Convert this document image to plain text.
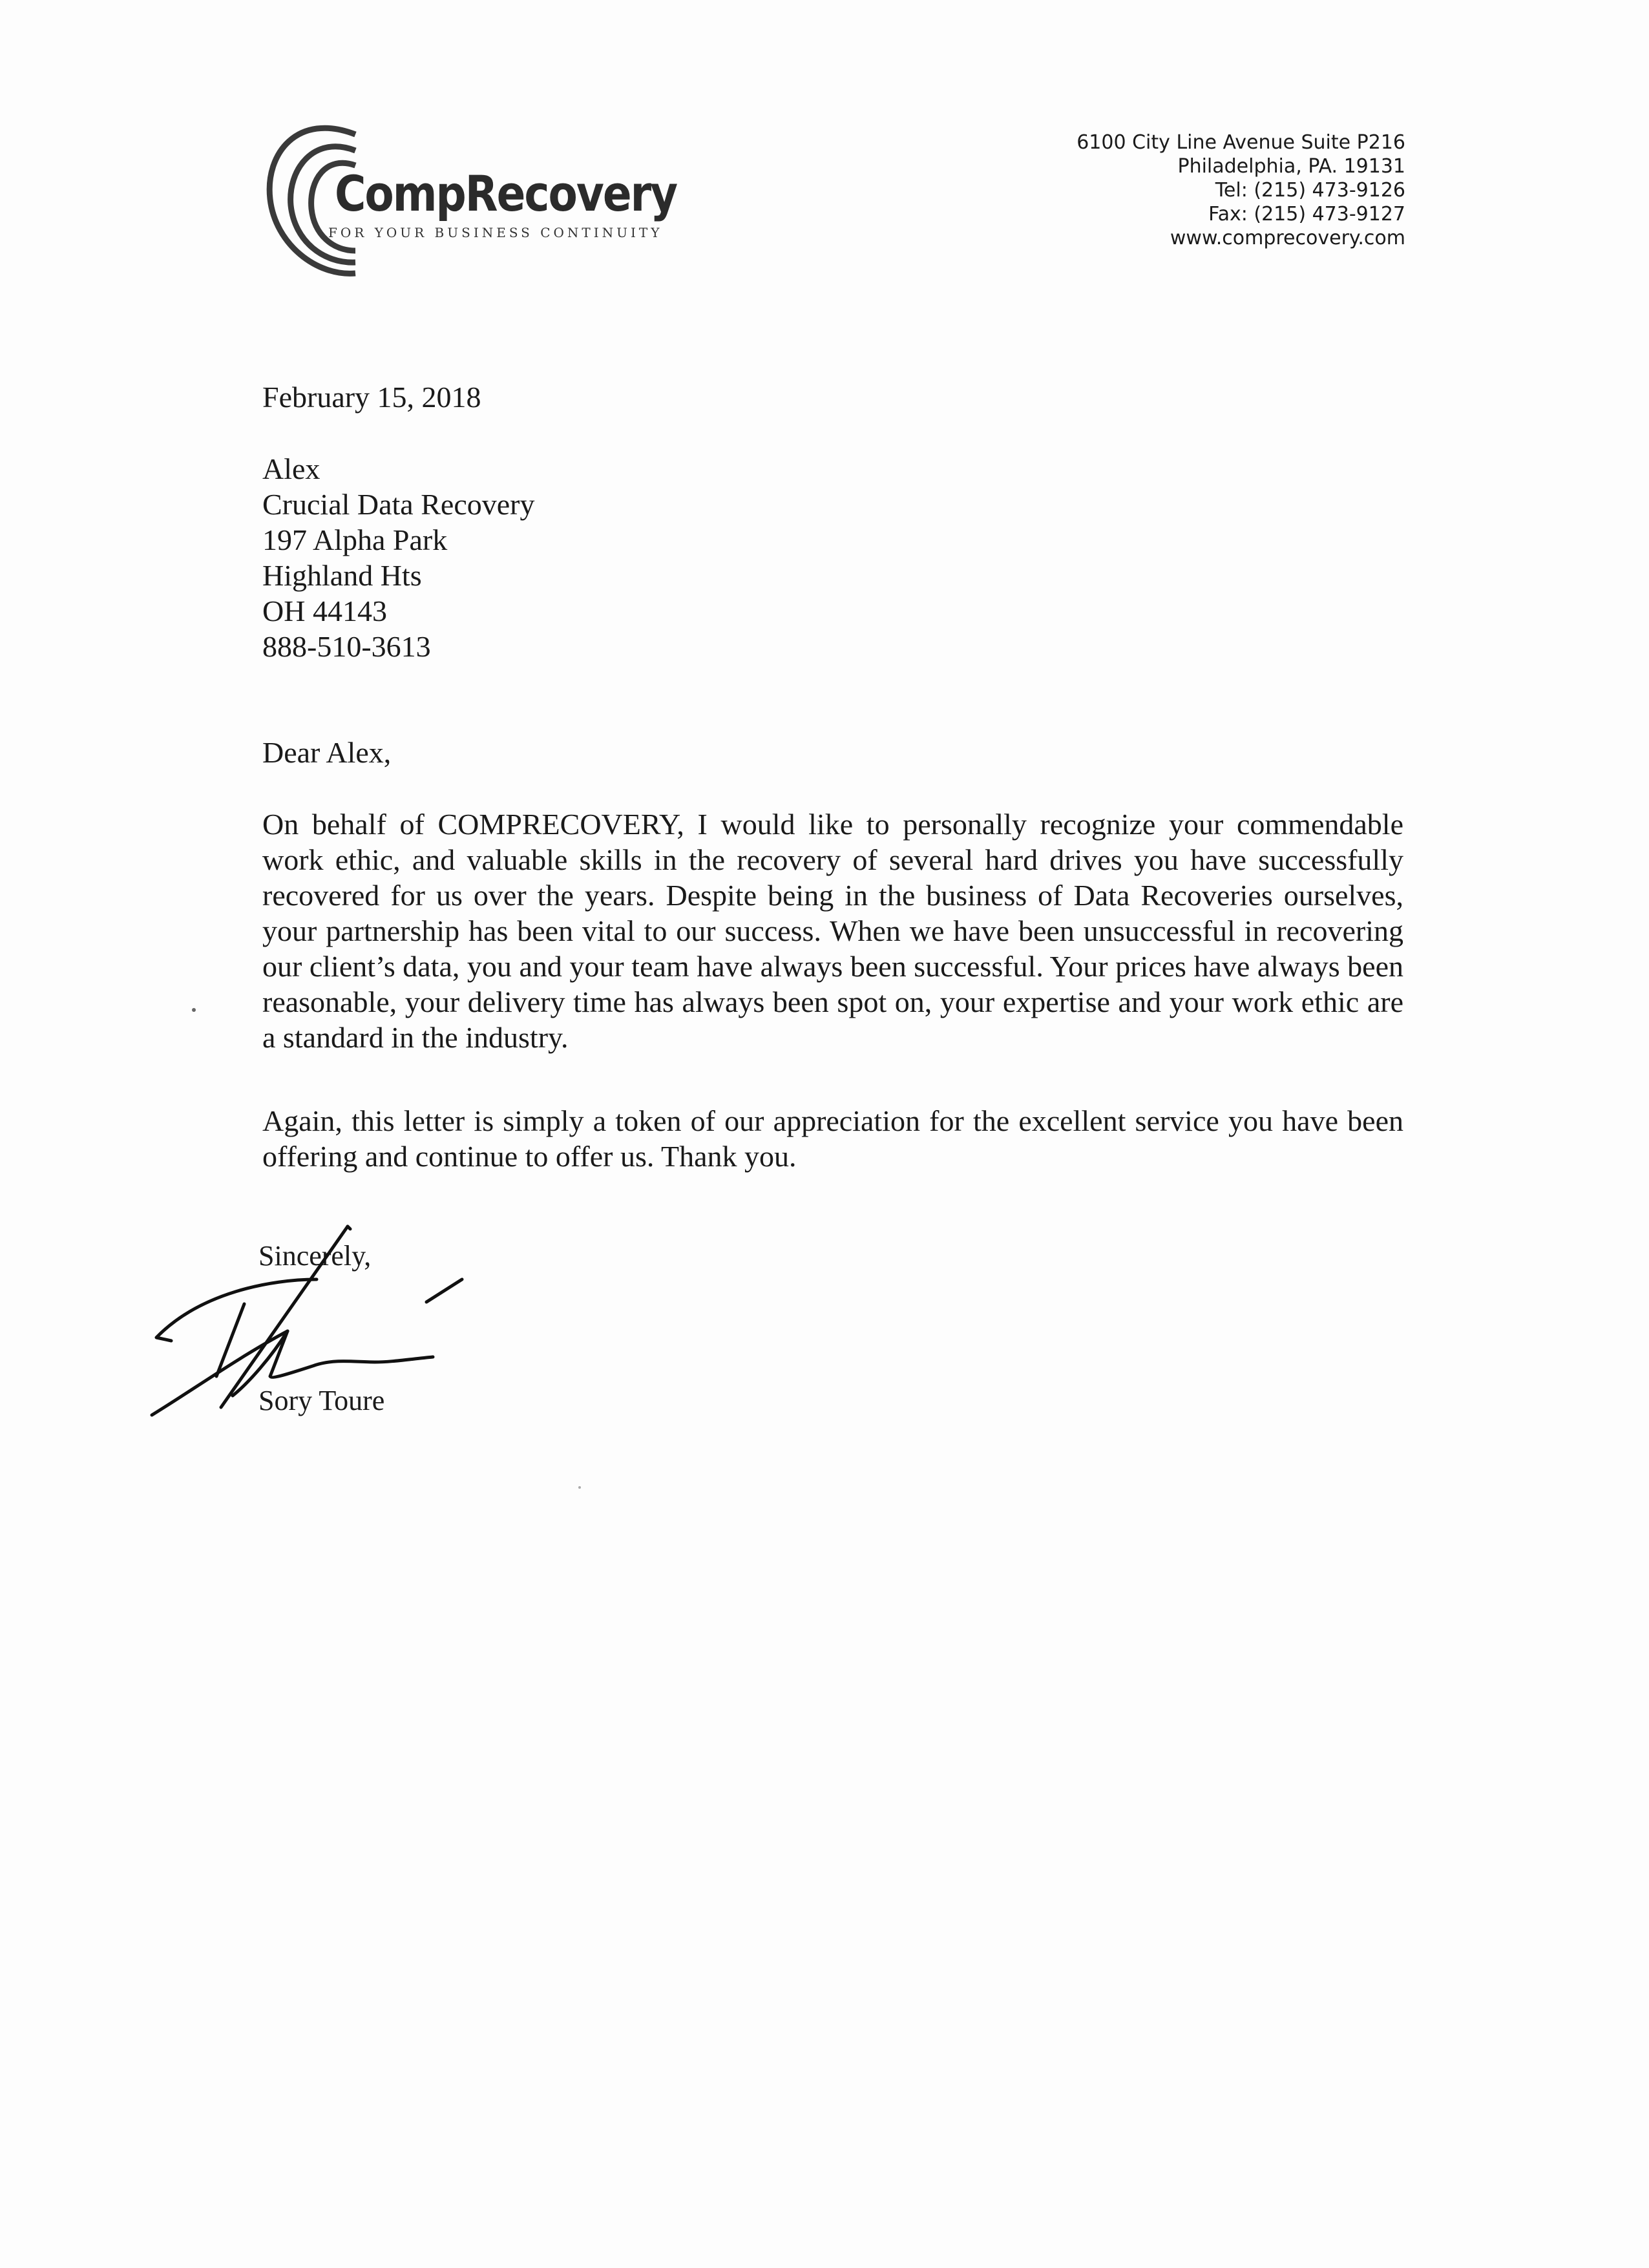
CompRecovery
FOR YOUR BUSINESS CONTINUITY
6100 City Line Avenue Suite P216
Philadelphia, PA. 19131
Tel: (215) 473-9126
Fax: (215) 473-9127
www.comprecovery.com
February 15, 2018
Alex
Crucial Data Recovery
197 Alpha Park
Highland Hts
OH 44143
888-510-3613
Dear Alex,
On behalf of COMPRECOVERY, I would like to personally recognize your commendable work ethic, and valuable skills in the recovery of several hard drives you have successfully recovered for us over the years. Despite being in the business of Data Recoveries ourselves, your partnership has been vital to our success. When we have been unsuccessful in recovering our client’s data, you and your team have always been successful. Your prices have always been reasonable, your delivery time has always been spot on, your expertise and your work ethic are a standard in the industry.
Again, this letter is simply a token of our appreciation for the excellent service you have been offering and continue to offer us. Thank you.
Sincerely,
Sory Toure
